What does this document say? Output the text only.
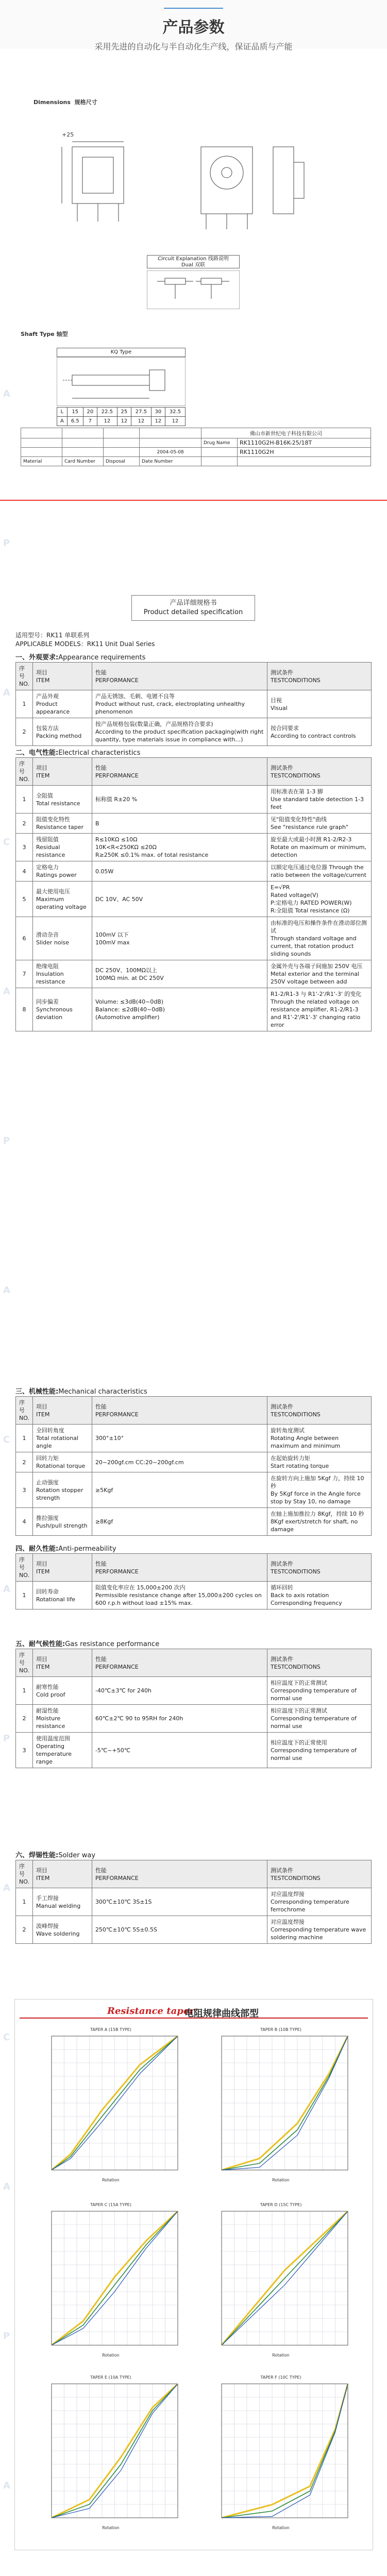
A
P
A
C
A
P
A
C
A
P
A
C
A
P
A
产品参数
采用先进的自动化与半自动化生产线，保证品质与产能
Dimensions 规格尺寸
+25
Circuit Explanation 线路说明
Dual 双联
Shaft Type 轴型
KQ Type
L	15	20	22.5	25	27.5	30	32.5
A	6.5	7	12	12	12	12	12
				佛山市新世纪电子科技有限公司	
				Drug Name	RK1110G2H-B16K-25/18T
			2004-05-08		RK1110G2H
Material	Card Number	Disposal	Date Number		
产品详细规格书
Product detailed specification
适用型号：RK11 单联系列
APPLICABLE MODELS：RK11 Unit Dual Series
一、外观要求:Appearance requirements
序号
NO.	项目
ITEM	性能
PERFORMANCE	测试条件
TESTCONDITIONS
1	产品外观
Product appearance	产品无锈蚀、毛刺、电镀不良等
Product without rust, crack, electroplating unhealthy phenomenon	目视
Visual
2	包装方法
Packing method	按产品规格包装(数量正确，产品规格符合要求)
According to the product specification packaging(with right quantity, type materials issue in compliance with…)	按合同要求
According to contract controls
二、电气性能:Electrical characteristics
序号
NO.	项目
ITEM	性能
PERFORMANCE	测试条件
TESTCONDITIONS
1	全阻值
Total resistance	标称值 R±20 %	用标准表在第 1-3 脚
Use standard table detection 1-3 feet
2	阻值变化特性
Resistance taper	B	见"阻值变化特性"曲线
See "resistance rule graph"
3	残留阻值
Residual resistance	R≤10KΩ ≤10Ω
10K<R<250KΩ ≤20Ω
R≥250K ≤0.1% max. of total resistance	旋至最大或最小时测 R1-2/R2-3
Rotate on maximum or minimum, detection
4	定格电力
Ratings power	0.05W	以额定电压通过电位器 Through the ratio between the voltage/current
5	最大使用电压
Maximum operating voltage	DC 10V、AC 50V	E=√PR
Rated voltage(V)
P:定格电力 RATED POWER(W)
R:全阻值 Total resistance (Ω)
6	滑动杂音
Slider noise	100mV 以下
100mV max	由标准的电压和操作条件在滑动部位测试
Through standard voltage and current, that rotation product sliding sounds
7	绝缘电阻
Insulation resistance	DC 250V、100MΩ以上
100MΩ min. at DC 250V	金属外壳与各端子间施加 250V 电压
Metal exterior and the terminal 250V voltage between add
8	同步偏差
Synchronous deviation	Volume: ≤3dB(40~0dB)
Balance: ≤2dB(40~0dB)
(Automotive amplifier)	R1-2/R1-3 与 R1'-2'/R1'-3' 的变化
Through the related voltage on resistance amplifier, R1-2/R1-3 and R1'-2'/R1'-3' changing ratio error
三、机械性能:Mechanical characteristics
序号
NO.	项目
ITEM	性能
PERFORMANCE	测试条件
TESTCONDITIONS
1	全回转角度
Total rotational angle	300°±10°	旋转角度测试
Rotating Angle between maximum and minimum
2	回转力矩
Rotational torque	20~200gf.cm CC:20~200gf.cm	在起始旋转力矩
Start rotating torque
3	止动强度
Rotation stopper strength	≥5Kgf	在旋转方向上施加 5Kgf 力，持续 10 秒
By 5Kgf force in the Angle force stop by Stay 10, no damage
4	推拉强度
Push/pull strength	≥8Kgf	在轴上施加推拉力 8Kgf，持续 10 秒
8Kgf exert/stretch for shaft, no damage
四、耐久性能:Anti-permeability
序号
NO.	项目
ITEM	性能
PERFORMANCE	测试条件
TESTCONDITIONS
1	回转寿命
Rotational life	阻值变化率应在 15,000±200 次内
Permissible resistance change after 15,000±200 cycles on 600 r.p.h without load ±15% max.	循环回转
Back to axis rotation Corresponding frequency
五、耐气候性能:Gas resistance performance
序号
NO.	项目
ITEM	性能
PERFORMANCE	测试条件
TESTCONDITIONS
1	耐寒性能
Cold proof	-40℃±3℃ for 240h	相应温度下的正常测试
Corresponding temperature of normal use
2	耐湿性能
Moisture resistance	60℃±2℃ 90 to 95RH for 240h	相应温度下的正常测试
Corresponding temperature of normal use
3	使用温度范围
Operating temperature range	-5℃~+50℃	相应温度下的正常使用
Corresponding temperature of normal use
六、焊锡性能:Solder way
序号
NO.	项目
ITEM	性能
PERFORMANCE	测试条件
TESTCONDITIONS
1	手工焊接
Manual welding	300℃±10℃ 3S±1S	对应温度焊接
Corresponding temperature ferrochrome
2	波峰焊接
Wave soldering	250℃±10℃ 5S±0.5S	对应温度焊接
Corresponding temperature wave soldering machine
Resistance taper
电阻规律曲线部型
TAPER A (15B TYPE)
Rotation
TAPER B (10B TYPE)
Rotation
TAPER C (15A TYPE)
Rotation
TAPER D (15C TYPE)
Rotation
TAPER E (10A TYPE)
Rotation
TAPER F (10C TYPE)
Rotation
